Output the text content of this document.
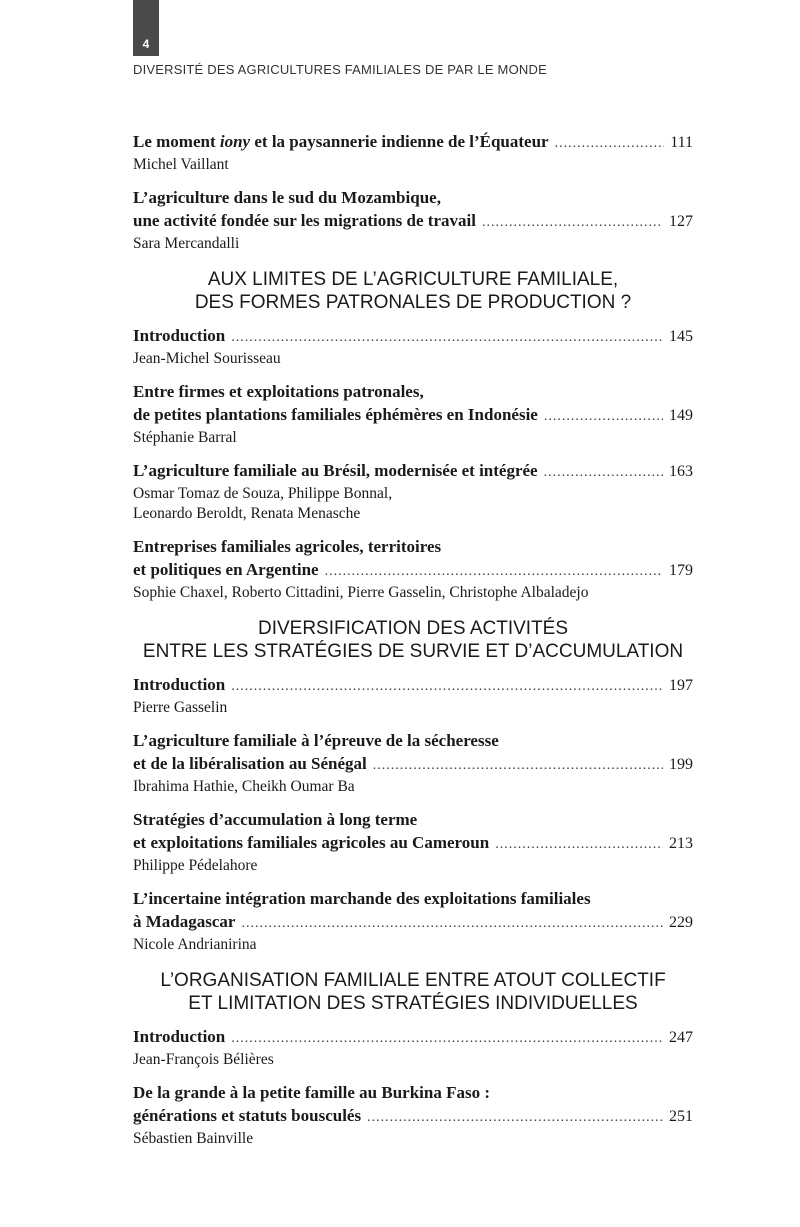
4
DIVERSITÉ DES AGRICULTURES FAMILIALES DE PAR LE MONDE
Le moment iony et la paysannerie indienne de l’Équateur .....	111
Michel Vaillant
L’agriculture dans le sud du Mozambique,
une activité fondée sur les migrations de travail .....	127
Sara Mercandalli
AUX LIMITES DE L’AGRICULTURE FAMILIALE,
DES FORMES PATRONALES DE PRODUCTION ?
Introduction .....	145
Jean-Michel Sourisseau
Entre firmes et exploitations patronales,
de petites plantations familiales éphémères en Indonésie .....	149
Stéphanie Barral
L’agriculture familiale au Brésil, modernisée et intégrée .....	163
Osmar Tomaz de Souza, Philippe Bonnal,
Leonardo Beroldt, Renata Menasche
Entreprises familiales agricoles, territoires
et politiques en Argentine .....	179
Sophie Chaxel, Roberto Cittadini, Pierre Gasselin, Christophe Albaladejo
DIVERSIFICATION DES ACTIVITÉS
ENTRE LES STRATÉGIES DE SURVIE ET D’ACCUMULATION
Introduction .....	197
Pierre Gasselin
L’agriculture familiale à l’épreuve de la sécheresse
et de la libéralisation au Sénégal .....	199
Ibrahima Hathie, Cheikh Oumar Ba
Stratégies d’accumulation à long terme
et exploitations familiales agricoles au Cameroun .....	213
Philippe Pédelahore
L’incertaine intégration marchande des exploitations familiales
à Madagascar .....	229
Nicole Andrianirina
L’ORGANISATION FAMILIALE ENTRE ATOUT COLLECTIF
ET LIMITATION DES STRATÉGIES INDIVIDUELLES
Introduction .....	247
Jean-François Bélières
De la grande à la petite famille au Burkina Faso :
générations et statuts bousculés .....	251
Sébastien Bainville
